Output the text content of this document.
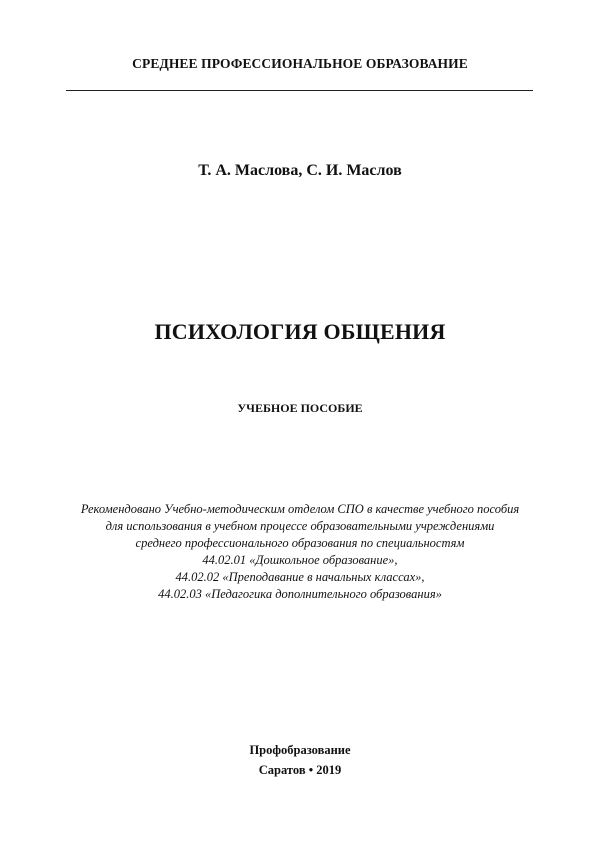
СРЕДНЕЕ ПРОФЕССИОНАЛЬНОЕ ОБРАЗОВАНИЕ
Т. А. Маслова, С. И. Маслов
ПСИХОЛОГИЯ ОБЩЕНИЯ
УЧЕБНОЕ ПОСОБИЕ
Рекомендовано Учебно-методическим отделом СПО в качестве учебного пособия
для использования в учебном процессе образовательными учреждениями
среднего профессионального образования по специальностям
44.02.01 «Дошкольное образование»,
44.02.02 «Преподавание в начальных классах»,
44.02.03 «Педагогика дополнительного образования»
Профобразование
Саратов • 2019
